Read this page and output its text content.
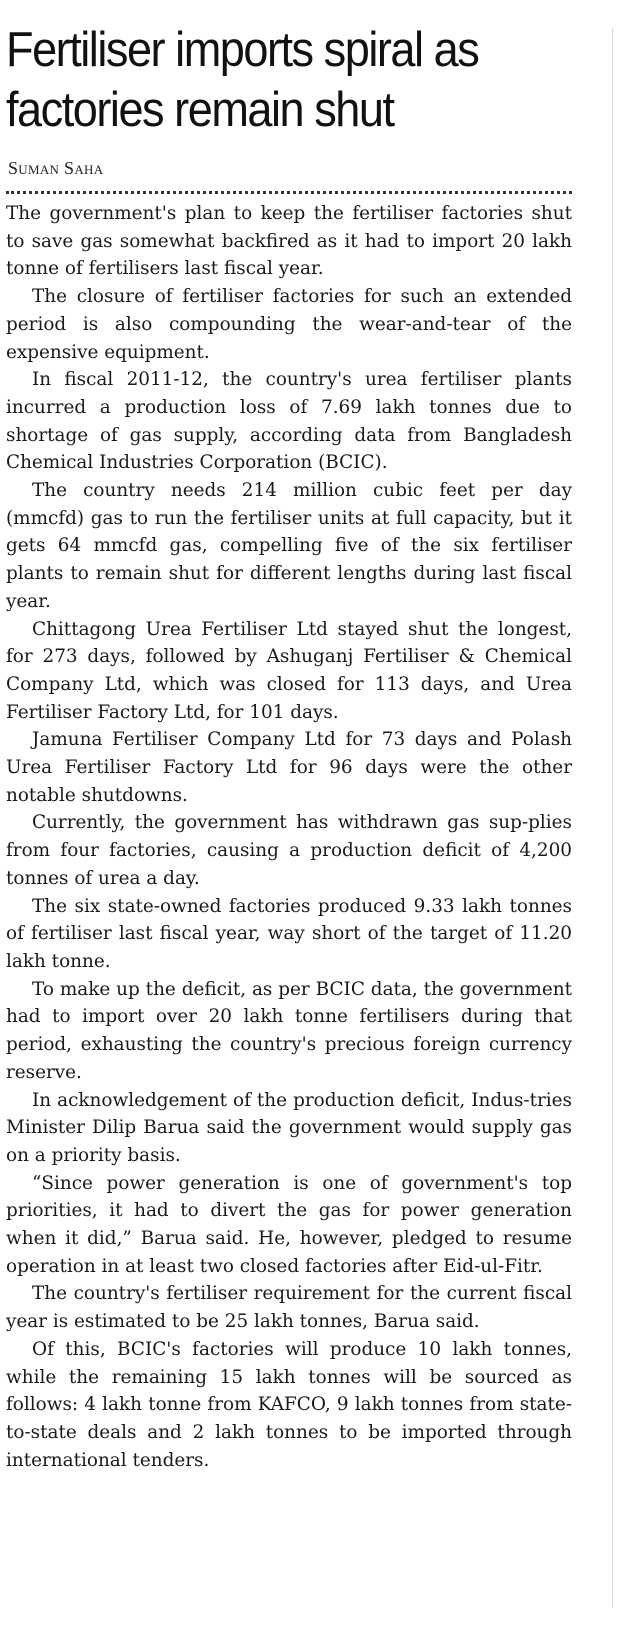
Fertiliser imports spiral as
factories remain shut
Suman Saha

The government's plan to keep the fertiliser factories shut to save gas somewhat backfired as it had to import 20 lakh tonne of fertilisers last fiscal year.

The closure of fertiliser factories for such an extended period is also compounding the wear-and-tear of the expensive equipment.

In fiscal 2011-12, the country's urea fertiliser plants incurred a production loss of 7.69 lakh tonnes due to shortage of gas supply, according data from Bangladesh Chemical Industries Corporation (BCIC).

The country needs 214 million cubic feet per day (mmcfd) gas to run the fertiliser units at full capacity, but it gets 64 mmcfd gas, compelling five of the six fertiliser plants to remain shut for different lengths during last fiscal year.

Chittagong Urea Fertiliser Ltd stayed shut the longest, for 273 days, followed by Ashuganj Fertiliser & Chemical Company Ltd, which was closed for 113 days, and Urea Fertiliser Factory Ltd, for 101 days.

Jamuna Fertiliser Company Ltd for 73 days and Polash Urea Fertiliser Factory Ltd for 96 days were the other notable shutdowns.

Currently, the government has withdrawn gas sup-plies from four factories, causing a production deficit of 4,200 tonnes of urea a day.

The six state-owned factories produced 9.33 lakh tonnes of fertiliser last fiscal year, way short of the target of 11.20 lakh tonne.

To make up the deficit, as per BCIC data, the government had to import over 20 lakh tonne fertilisers during that period, exhausting the country's precious foreign currency reserve.

In acknowledgement of the production deficit, Indus-tries Minister Dilip Barua said the government would supply gas on a priority basis.

“Since power generation is one of government's top priorities, it had to divert the gas for power generation when it did,” Barua said. He, however, pledged to resume operation in at least two closed factories after Eid-ul-Fitr.

The country's fertiliser requirement for the current fiscal year is estimated to be 25 lakh tonnes, Barua said.

Of this, BCIC's factories will produce 10 lakh tonnes, while the remaining 15 lakh tonnes will be sourced as follows: 4 lakh tonne from KAFCO, 9 lakh tonnes from state-to-state deals and 2 lakh tonnes to be imported through international tenders.
